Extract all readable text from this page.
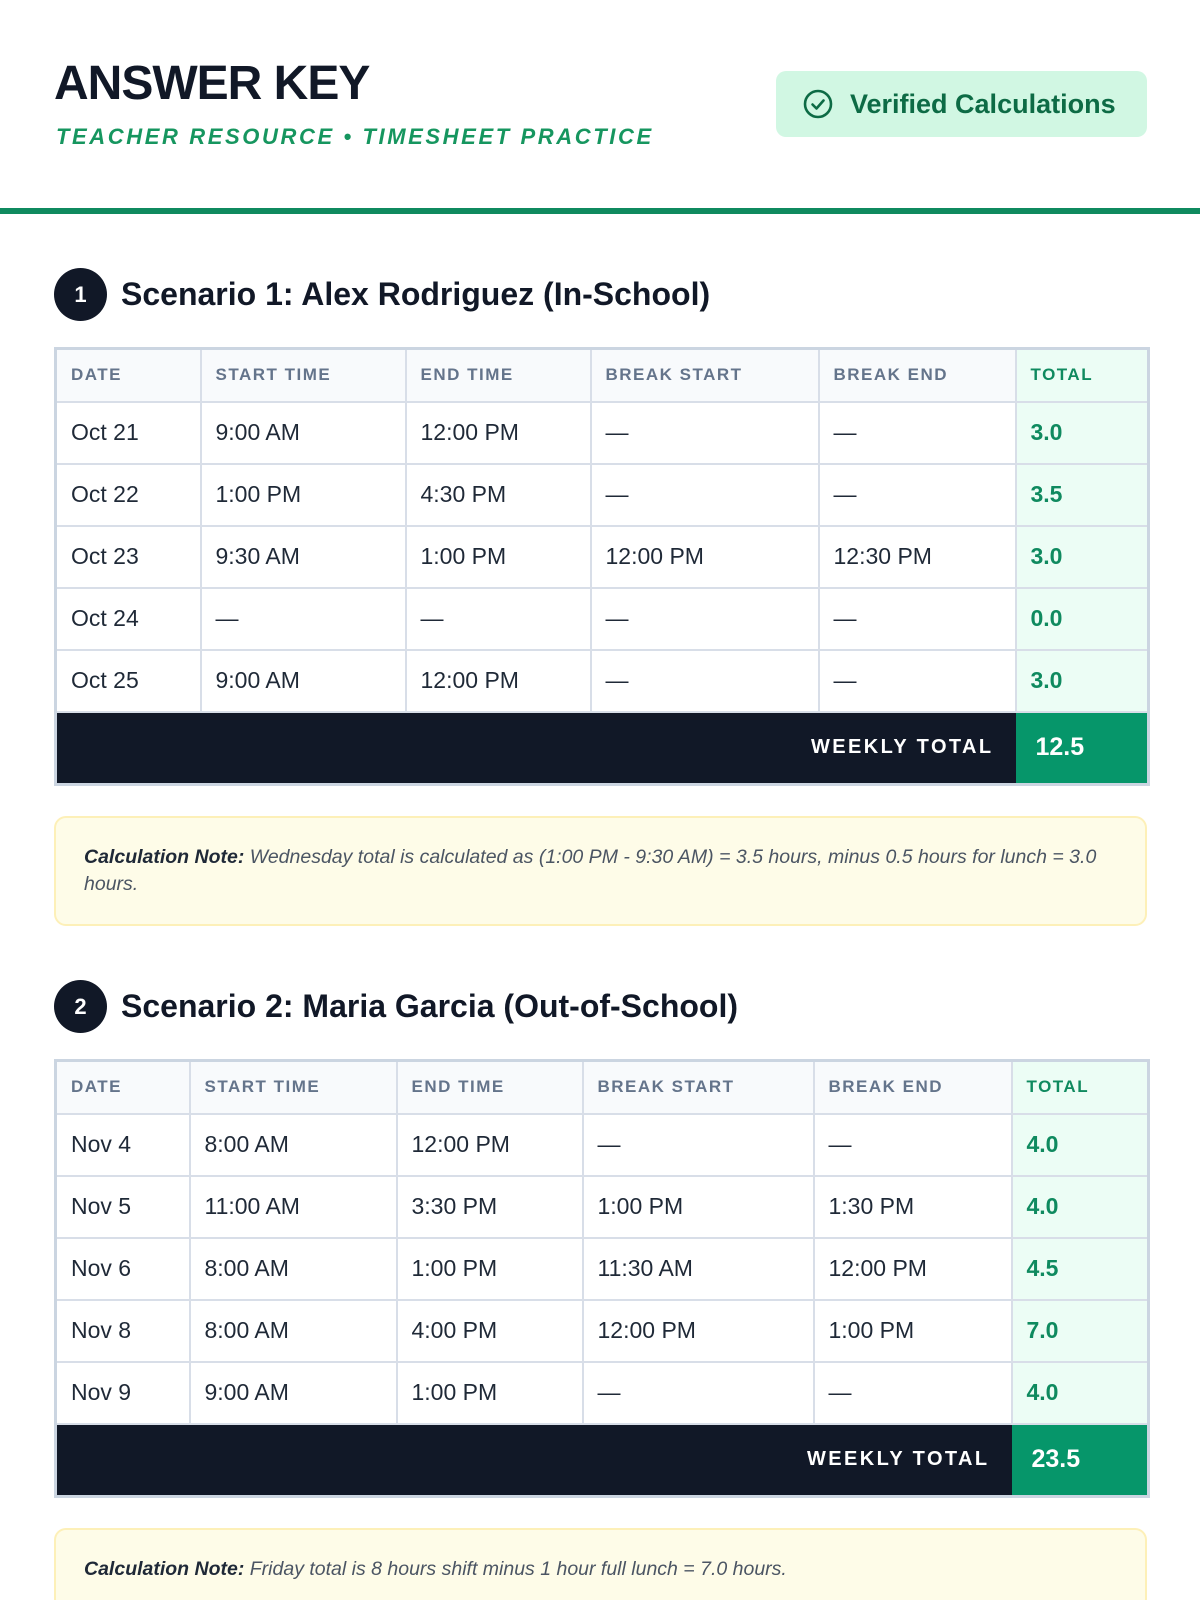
ANSWER KEY
TEACHER RESOURCE • TIMESHEET PRACTICE
Verified Calculations
1	Scenario 1: Alex Rodriguez (In-School)
DATE	START TIME	END TIME	BREAK START	BREAK END	TOTAL
Oct 21	9:00 AM	12:00 PM	—	—	3.0
Oct 22	1:00 PM	4:30 PM	—	—	3.5
Oct 23	9:30 AM	1:00 PM	12:00 PM	12:30 PM	3.0
Oct 24	—	—	—	—	0.0
Oct 25	9:00 AM	12:00 PM	—	—	3.0
WEEKLY TOTAL					12.5
Calculation Note: Wednesday total is calculated as (1:00 PM - 9:30 AM) = 3.5 hours, minus 0.5 hours for lunch = 3.0 hours.
2	Scenario 2: Maria Garcia (Out-of-School)
DATE	START TIME	END TIME	BREAK START	BREAK END	TOTAL
Nov 4	8:00 AM	12:00 PM	—	—	4.0
Nov 5	11:00 AM	3:30 PM	1:00 PM	1:30 PM	4.0
Nov 6	8:00 AM	1:00 PM	11:30 AM	12:00 PM	4.5
Nov 8	8:00 AM	4:00 PM	12:00 PM	1:00 PM	7.0
Nov 9	9:00 AM	1:00 PM	—	—	4.0
WEEKLY TOTAL					23.5
Calculation Note: Friday total is 8 hours shift minus 1 hour full lunch = 7.0 hours.
